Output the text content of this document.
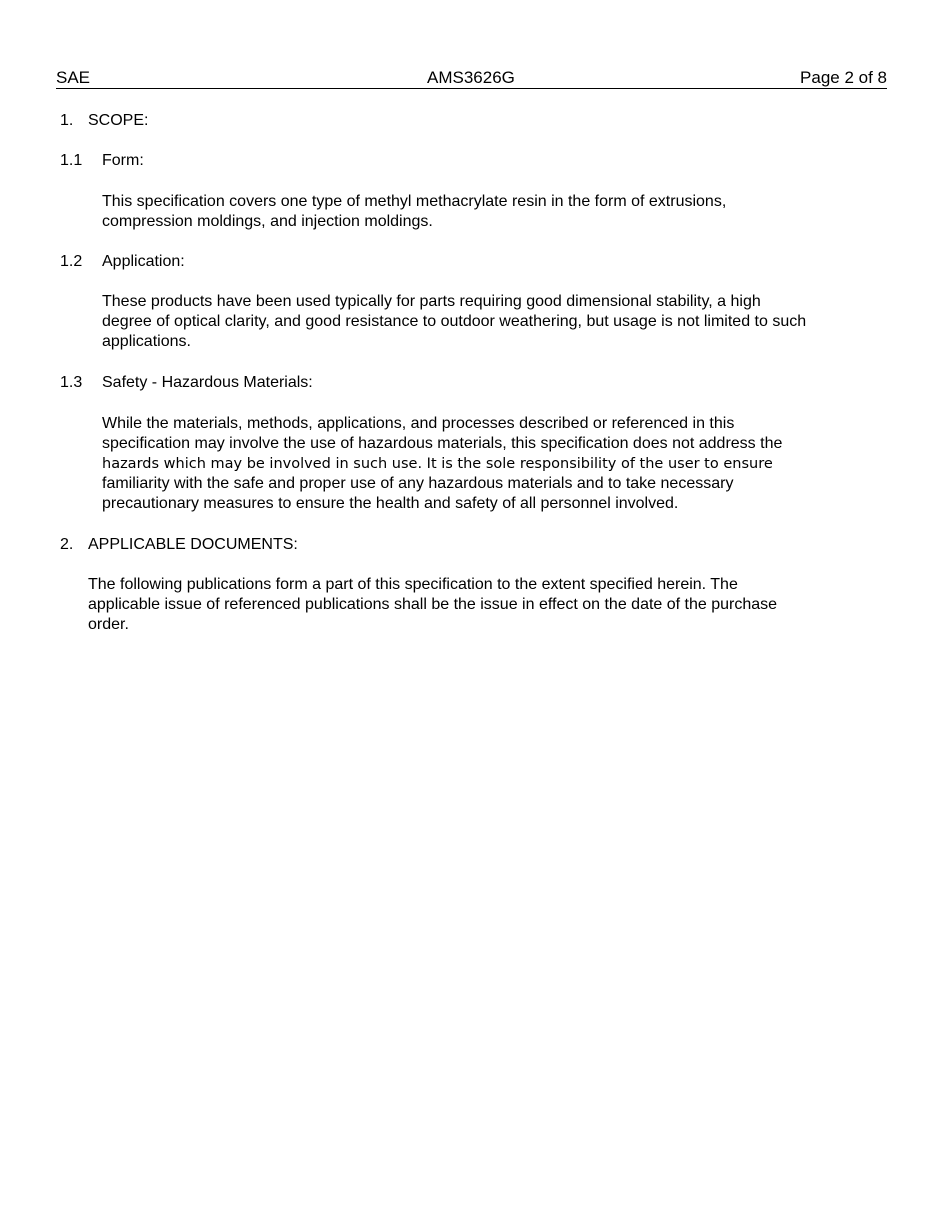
SAE	AMS3626G	Page 2 of 8
1. SCOPE:
1.1 Form:
This specification covers one type of methyl methacrylate resin in the form of extrusions,
compression moldings, and injection moldings.
1.2 Application:
These products have been used typically for parts requiring good dimensional stability, a high
degree of optical clarity, and good resistance to outdoor weathering, but usage is not limited to such
applications.
1.3 Safety - Hazardous Materials:
While the materials, methods, applications, and processes described or referenced in this
specification may involve the use of hazardous materials, this specification does not address the
hazards which may be involved in such use. It is the sole responsibility of the user to ensure
familiarity with the safe and proper use of any hazardous materials and to take necessary
precautionary measures to ensure the health and safety of all personnel involved.
2. APPLICABLE DOCUMENTS:
The following publications form a part of this specification to the extent specified herein. The
applicable issue of referenced publications shall be the issue in effect on the date of the purchase
order.
